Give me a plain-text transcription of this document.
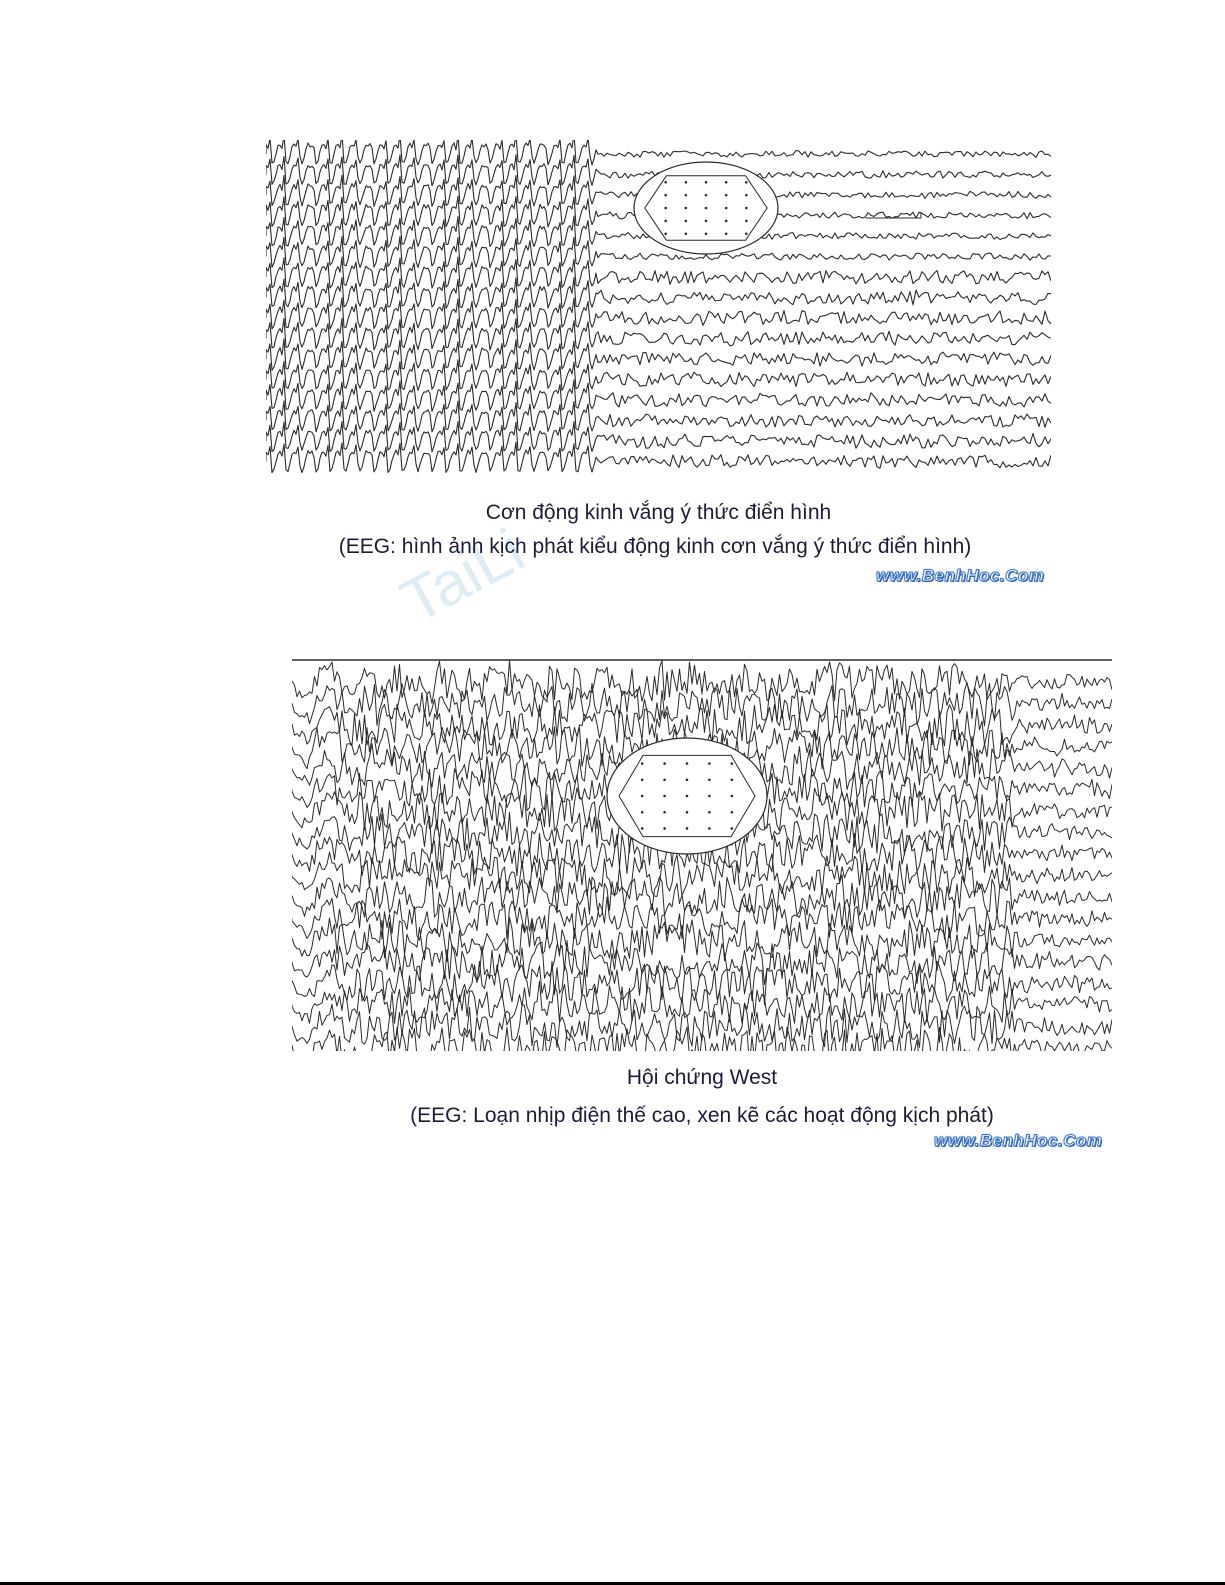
TaiLi
Cơn động kinh vắng ý thức điển hình
(EEG: hình ảnh kịch phát kiểu động kinh cơn vắng ý thức điển hình)
www.BenhHoc.Com
Hội chứng West
(EEG: Loạn nhịp điện thế cao, xen kẽ các hoạt động kịch phát)
www.BenhHoc.Com
